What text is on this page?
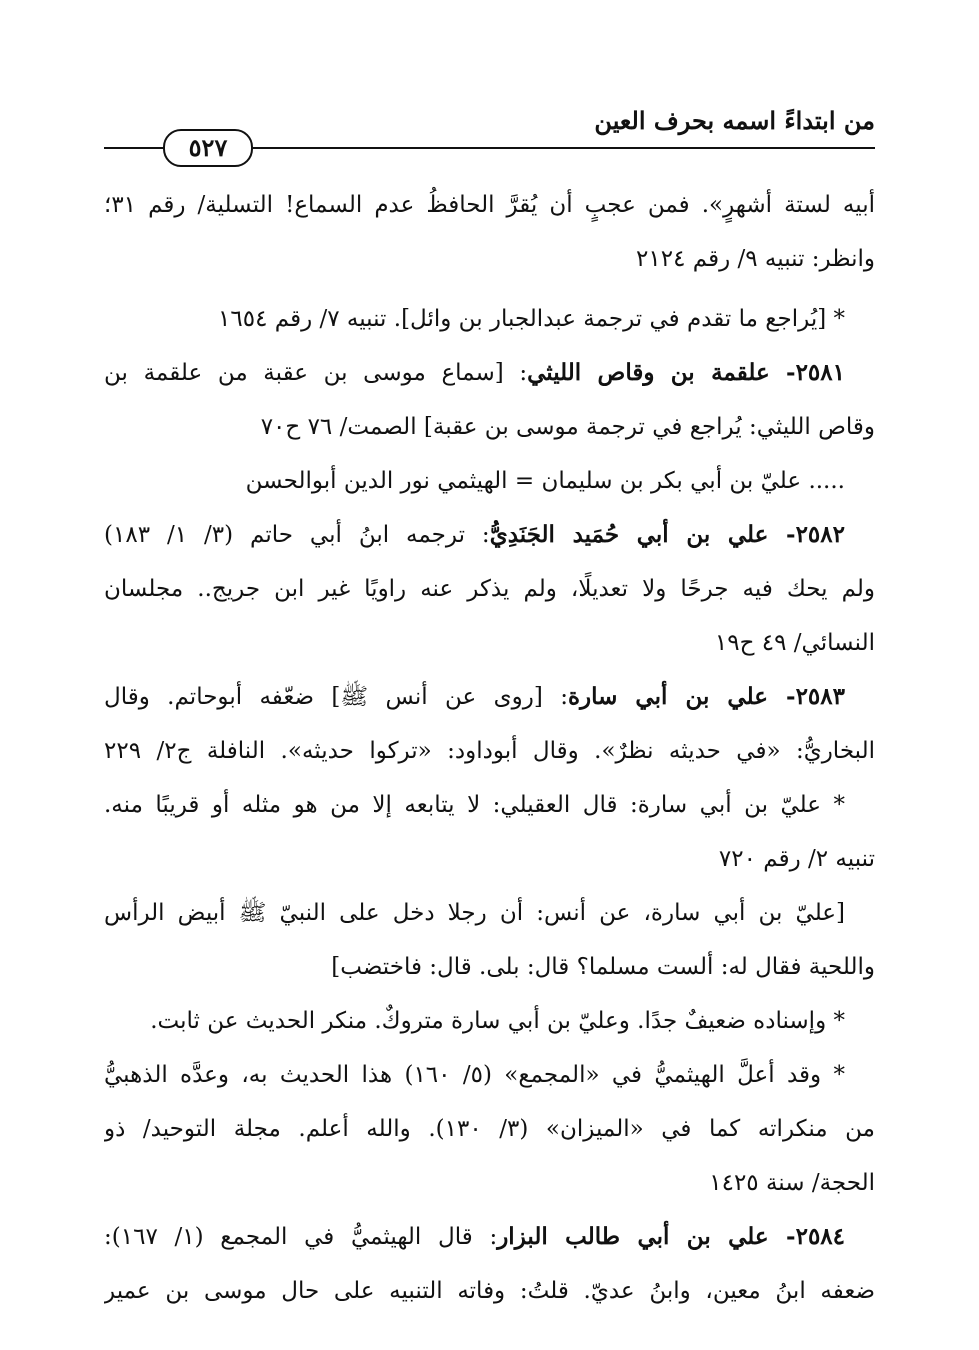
من ابتداءً اسمه بحرف العين
٥٢٧
أبيه لستة أشهرٍ». فمن عجبٍ أن يُقرَّ الحافظُ عدم السماع! التسلية/ رقم ٣١؛
وانظر: تنبيه ٩/ رقم ٢١٢٤
* [يُراجع ما تقدم في ترجمة عبدالجبار بن وائل]. تنبيه ٧/ رقم ١٦٥٤
٢٥٨١- علقمة بن وقاص الليثي: [سماع موسى بن عقبة من علقمة بن
وقاص الليثي: يُراجع في ترجمة موسى بن عقبة] الصمت/ ٧٦ ح٧٠
..... عليّ بن أبي بكر بن سليمان = الهيثمي نور الدين أبوالحسن
٢٥٨٢- علي بن أبي حُمَيد الجَنَدِيُّ: ترجمه ابنُ أبي حاتم (٣/ ١/ ١٨٣)
ولم يحك فيه جرحًا ولا تعديلًا، ولم يذكر عنه راويًا غير ابن جريج.. مجلسان
النسائي/ ٤٩ ح١٩
٢٥٨٣- علي بن أبي سارة: [روى عن أنس ﷺ] ضعّفه أبوحاتم. وقال
البخاريُّ: «في حديثه نظرٌ». وقال أبوداود: «تركوا حديثه». النافلة ج٢/ ٢٢٩
* عليّ بن أبي سارة: قال العقيلي: لا يتابعه إلا من هو مثله أو قريبًا منه.
تنبيه ٢/ رقم ٧٢٠
[عليّ بن أبي سارة، عن أنس: أن رجلا دخل على النبيّ ﷺ أبيض الرأس
واللحية فقال له: ألست مسلما؟ قال: بلى. قال: فاختضب]
* وإسناده ضعيفٌ جدًا. وعليّ بن أبي سارة متروكٌ. منكر الحديث عن ثابت.
* وقد أعلَّ الهيثميُّ في «المجمع» (٥/ ١٦٠) هذا الحديث به، وعدَّه الذهبيُّ
من منكراته كما في «الميزان» (٣/ ١٣٠). والله أعلم. مجلة التوحيد/ ذو
الحجة/ سنة ١٤٢٥
٢٥٨٤- علي بن أبي طالب البزار: قال الهيثميُّ في المجمع (١/ ١٦٧):
ضعفه ابنُ معين، وابنُ عديّ. قلتُ: وفاته التنبيه على حال موسى بن عمير
